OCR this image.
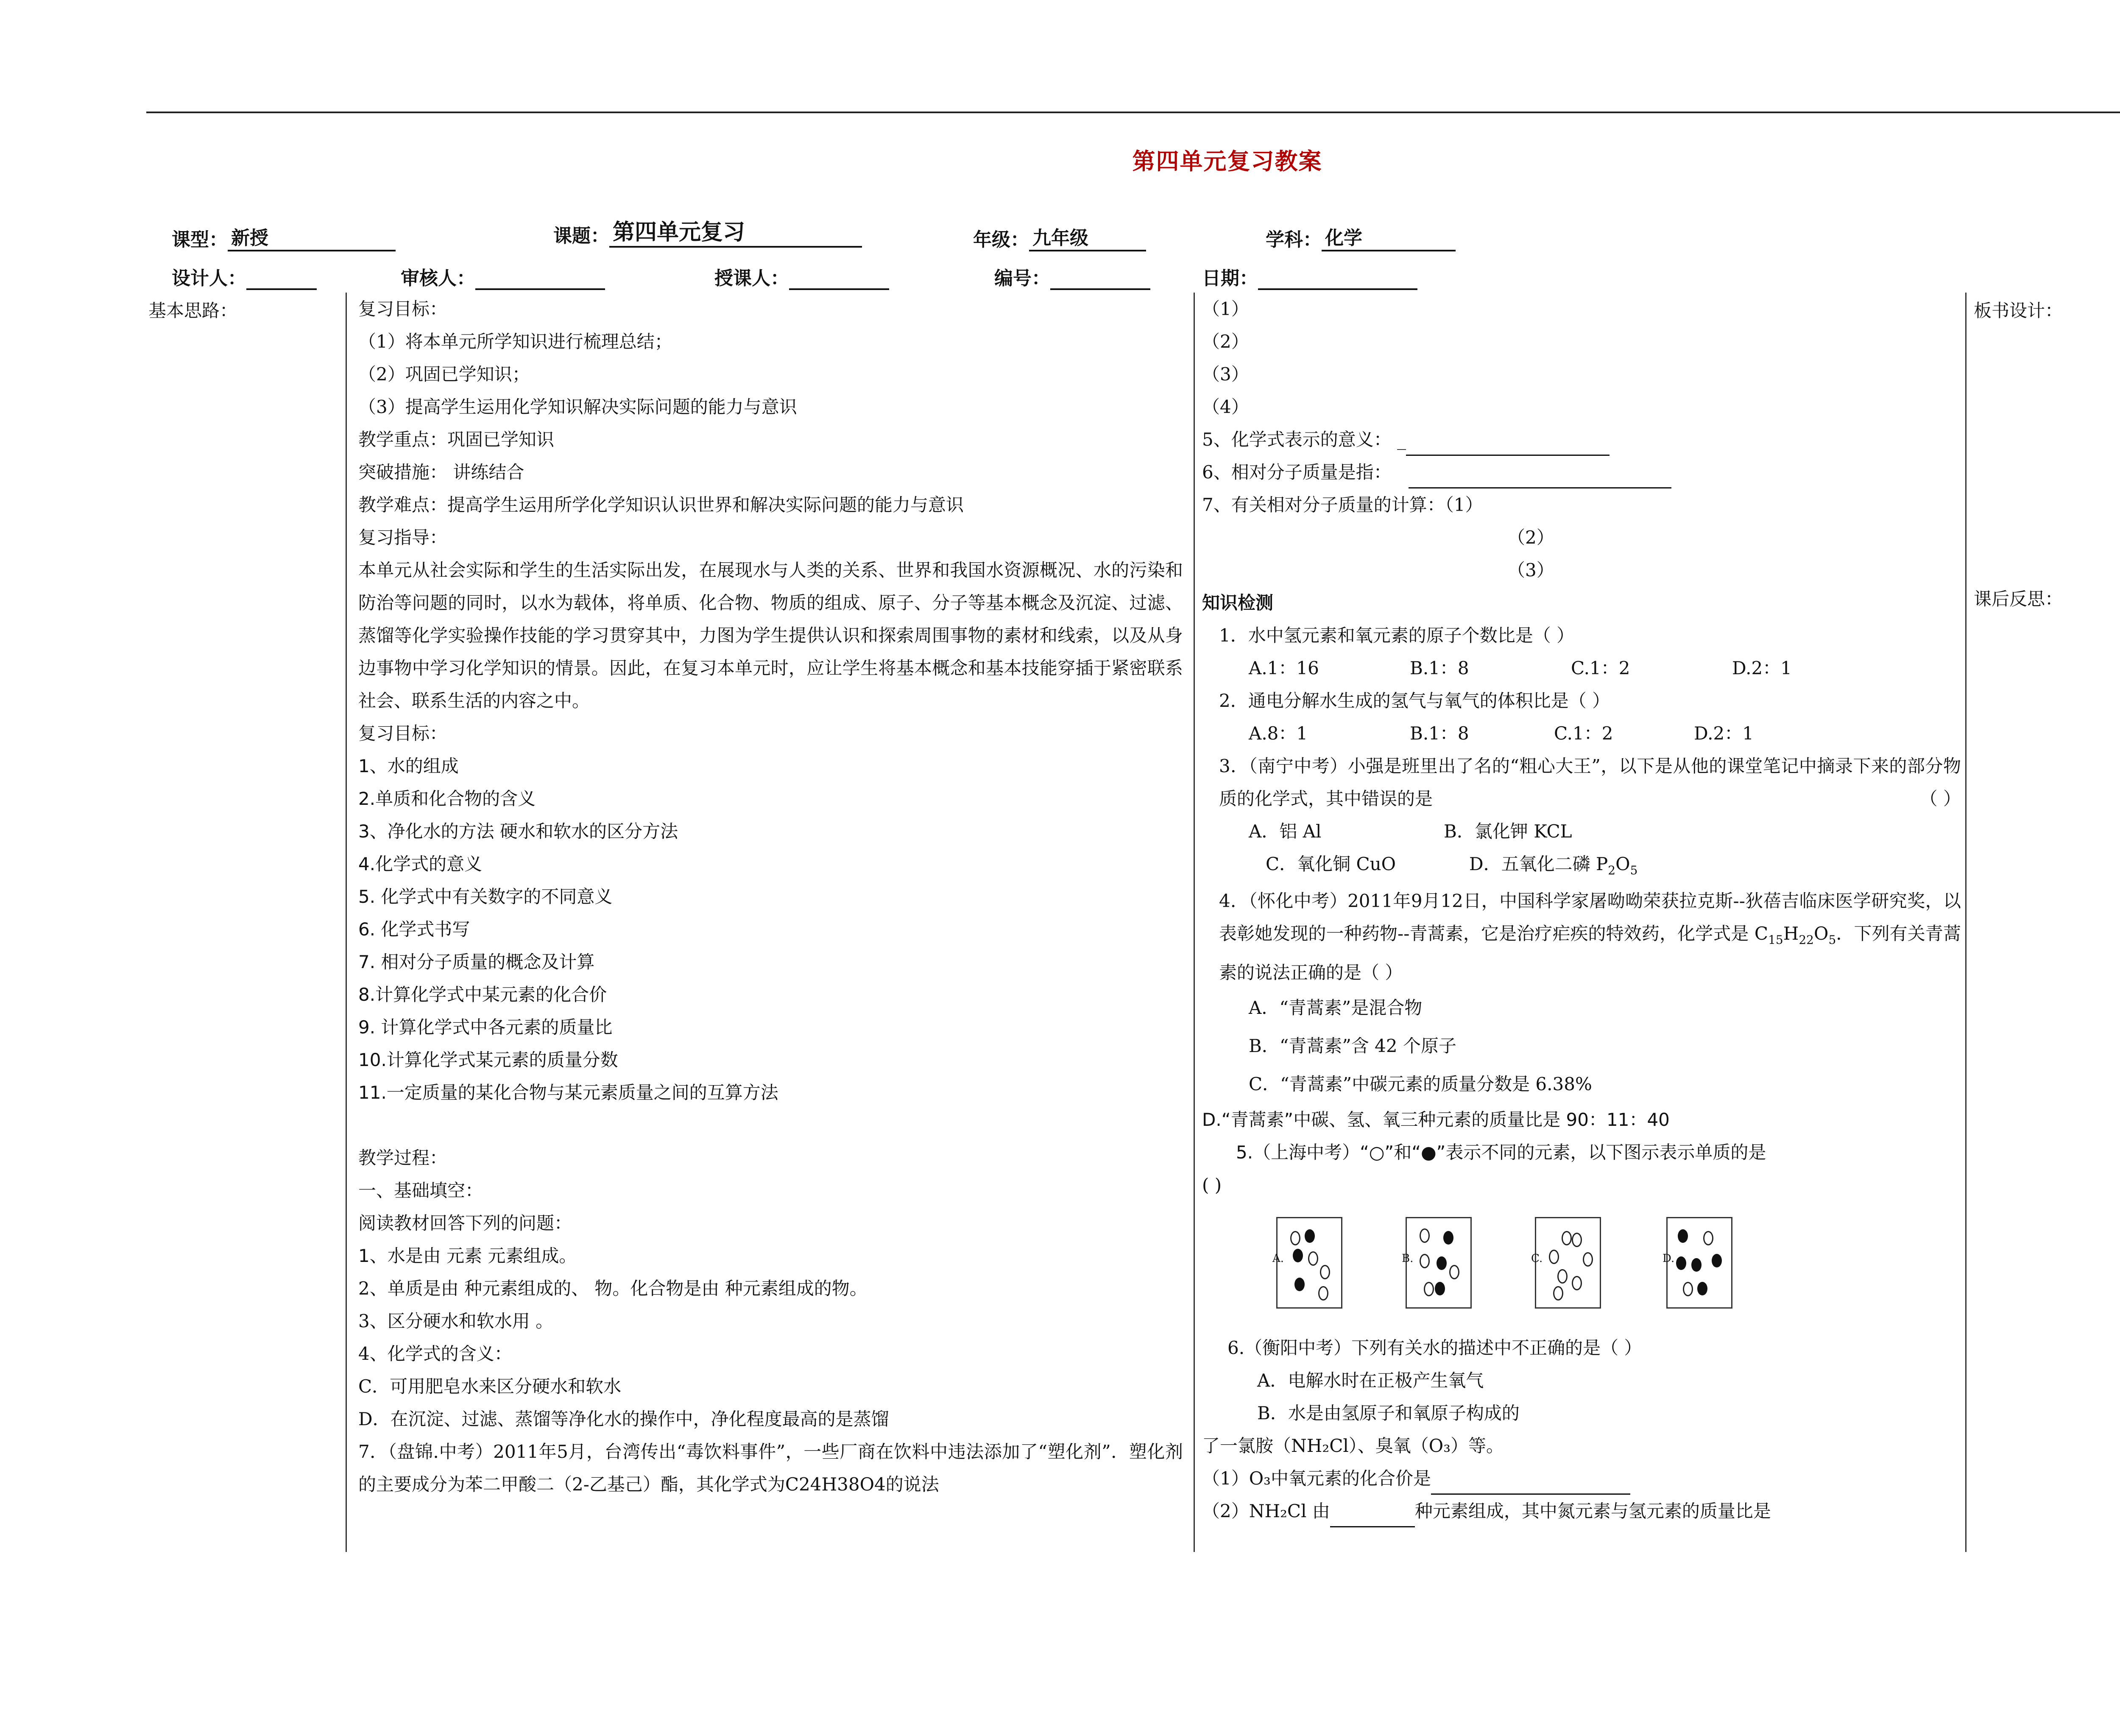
第四单元复习教案
课型： 新授	课题： 第四单元复习	年级： 九年级	学科： 化学
设计人：	审核人：	授课人：	编号：	日期：
基本思路：	板书设计：
课后反思：
复习目标：
（1）将本单元所学知识进行梳理总结；
（2）巩固已学知识；
（3）提高学生运用化学知识解决实际问题的能力与意识
教学重点：巩固已学知识
突破措施： 讲练结合
教学难点：提高学生运用所学化学知识认识世界和解决实际问题的能力与意识
复习指导：
本单元从社会实际和学生的生活实际出发，在展现水与人类的关系、世界和我国水资源概况、水的污染和防治等问题的同时，以水为载体，将单质、化合物、物质的组成、原子、分子等基本概念及沉淀、过滤、蒸馏等化学实验操作技能的学习贯穿其中，力图为学生提供认识和探索周围事物的素材和线索，以及从身边事物中学习化学知识的情景。因此，在复习本单元时，应让学生将基本概念和基本技能穿插于紧密联系社会、联系生活的内容之中。
复习目标：
1、水的组成
2.单质和化合物的含义
3、净化水的方法 硬水和软水的区分方法
4.化学式的意义
5. 化学式中有关数字的不同意义
6. 化学式书写
7. 相对分子质量的概念及计算
8.计算化学式中某元素的化合价
9. 计算化学式中各元素的质量比
10.计算化学式某元素的质量分数
11.一定质量的某化合物与某元素质量之间的互算方法
教学过程：
一、基础填空：
阅读教材回答下列的问题：
1、水是由 元素 元素组成。
2、单质是由 种元素组成的、 物。化合物是由 种元素组成的物。
3、区分硬水和软水用 。
4、化学式的含义：
C．可用肥皂水来区分硬水和软水
D．在沉淀、过滤、蒸馏等净化水的操作中，净化程度最高的是蒸馏
7．（盘锦.中考）2011年5月，台湾传出“毒饮料事件”，一些厂商在饮料中违法添加了“塑化剂”．塑化剂的主要成分为苯二甲酸二（2-乙基己）酯，其化学式为C24H38O4的说法
（1）
（2）
（3）
（4）
5、化学式表示的意义： _
6、相对分子质量是指：
7、有关相对分子质量的计算：（1）
（2）
（3）
知识检测
1．水中氢元素和氧元素的原子个数比是（ ）
A.1：16	B.1：8	C.1：2	D.2：1
2．通电分解水生成的氢气与氧气的体积比是（ ）
A.8：1	B.1：8	C.1：2	D.2：1
3．（南宁中考）小强是班里出了名的“粗心大王”，以下是从他的课堂笔记中摘录下来的部分物质的化学式，其中错误的是	（ ）
A．铝 Al	B．氯化钾 KCL
C．氧化铜 CuO	D．五氧化二磷 $P_2O_5$
4．（怀化中考）2011年9月12日，中国科学家屠呦呦荣获拉克斯--狄蓓吉临床医学研究奖，以表彰她发现的一种药物--青蒿素，它是治疗疟疾的特效药，化学式是 $C_{15}H_{22}O_5$．下列有关青蒿素的说法正确的是（ ）
A．“青蒿素”是混合物
B．“青蒿素”含 42 个原子
C．“青蒿素”中碳元素的质量分数是 6.38%
D.“青蒿素”中碳、氢、氧三种元素的质量比是 90：11：40
5.（上海中考）“○”和“●”表示不同的元素，以下图示表示单质的是
( )
A.	B.	C.	D.
6.（衡阳中考）下列有关水的描述中不正确的是（ ）
A．电解水时在正极产生氧气
B．水是由氢原子和氧原子构成的
了一氯胺（NH₂Cl）、臭氧（O₃）等。
（1）O₃中氧元素的化合价是
（2）NH₂Cl 由	种元素组成，其中氮元素与氢元素的质量比是
